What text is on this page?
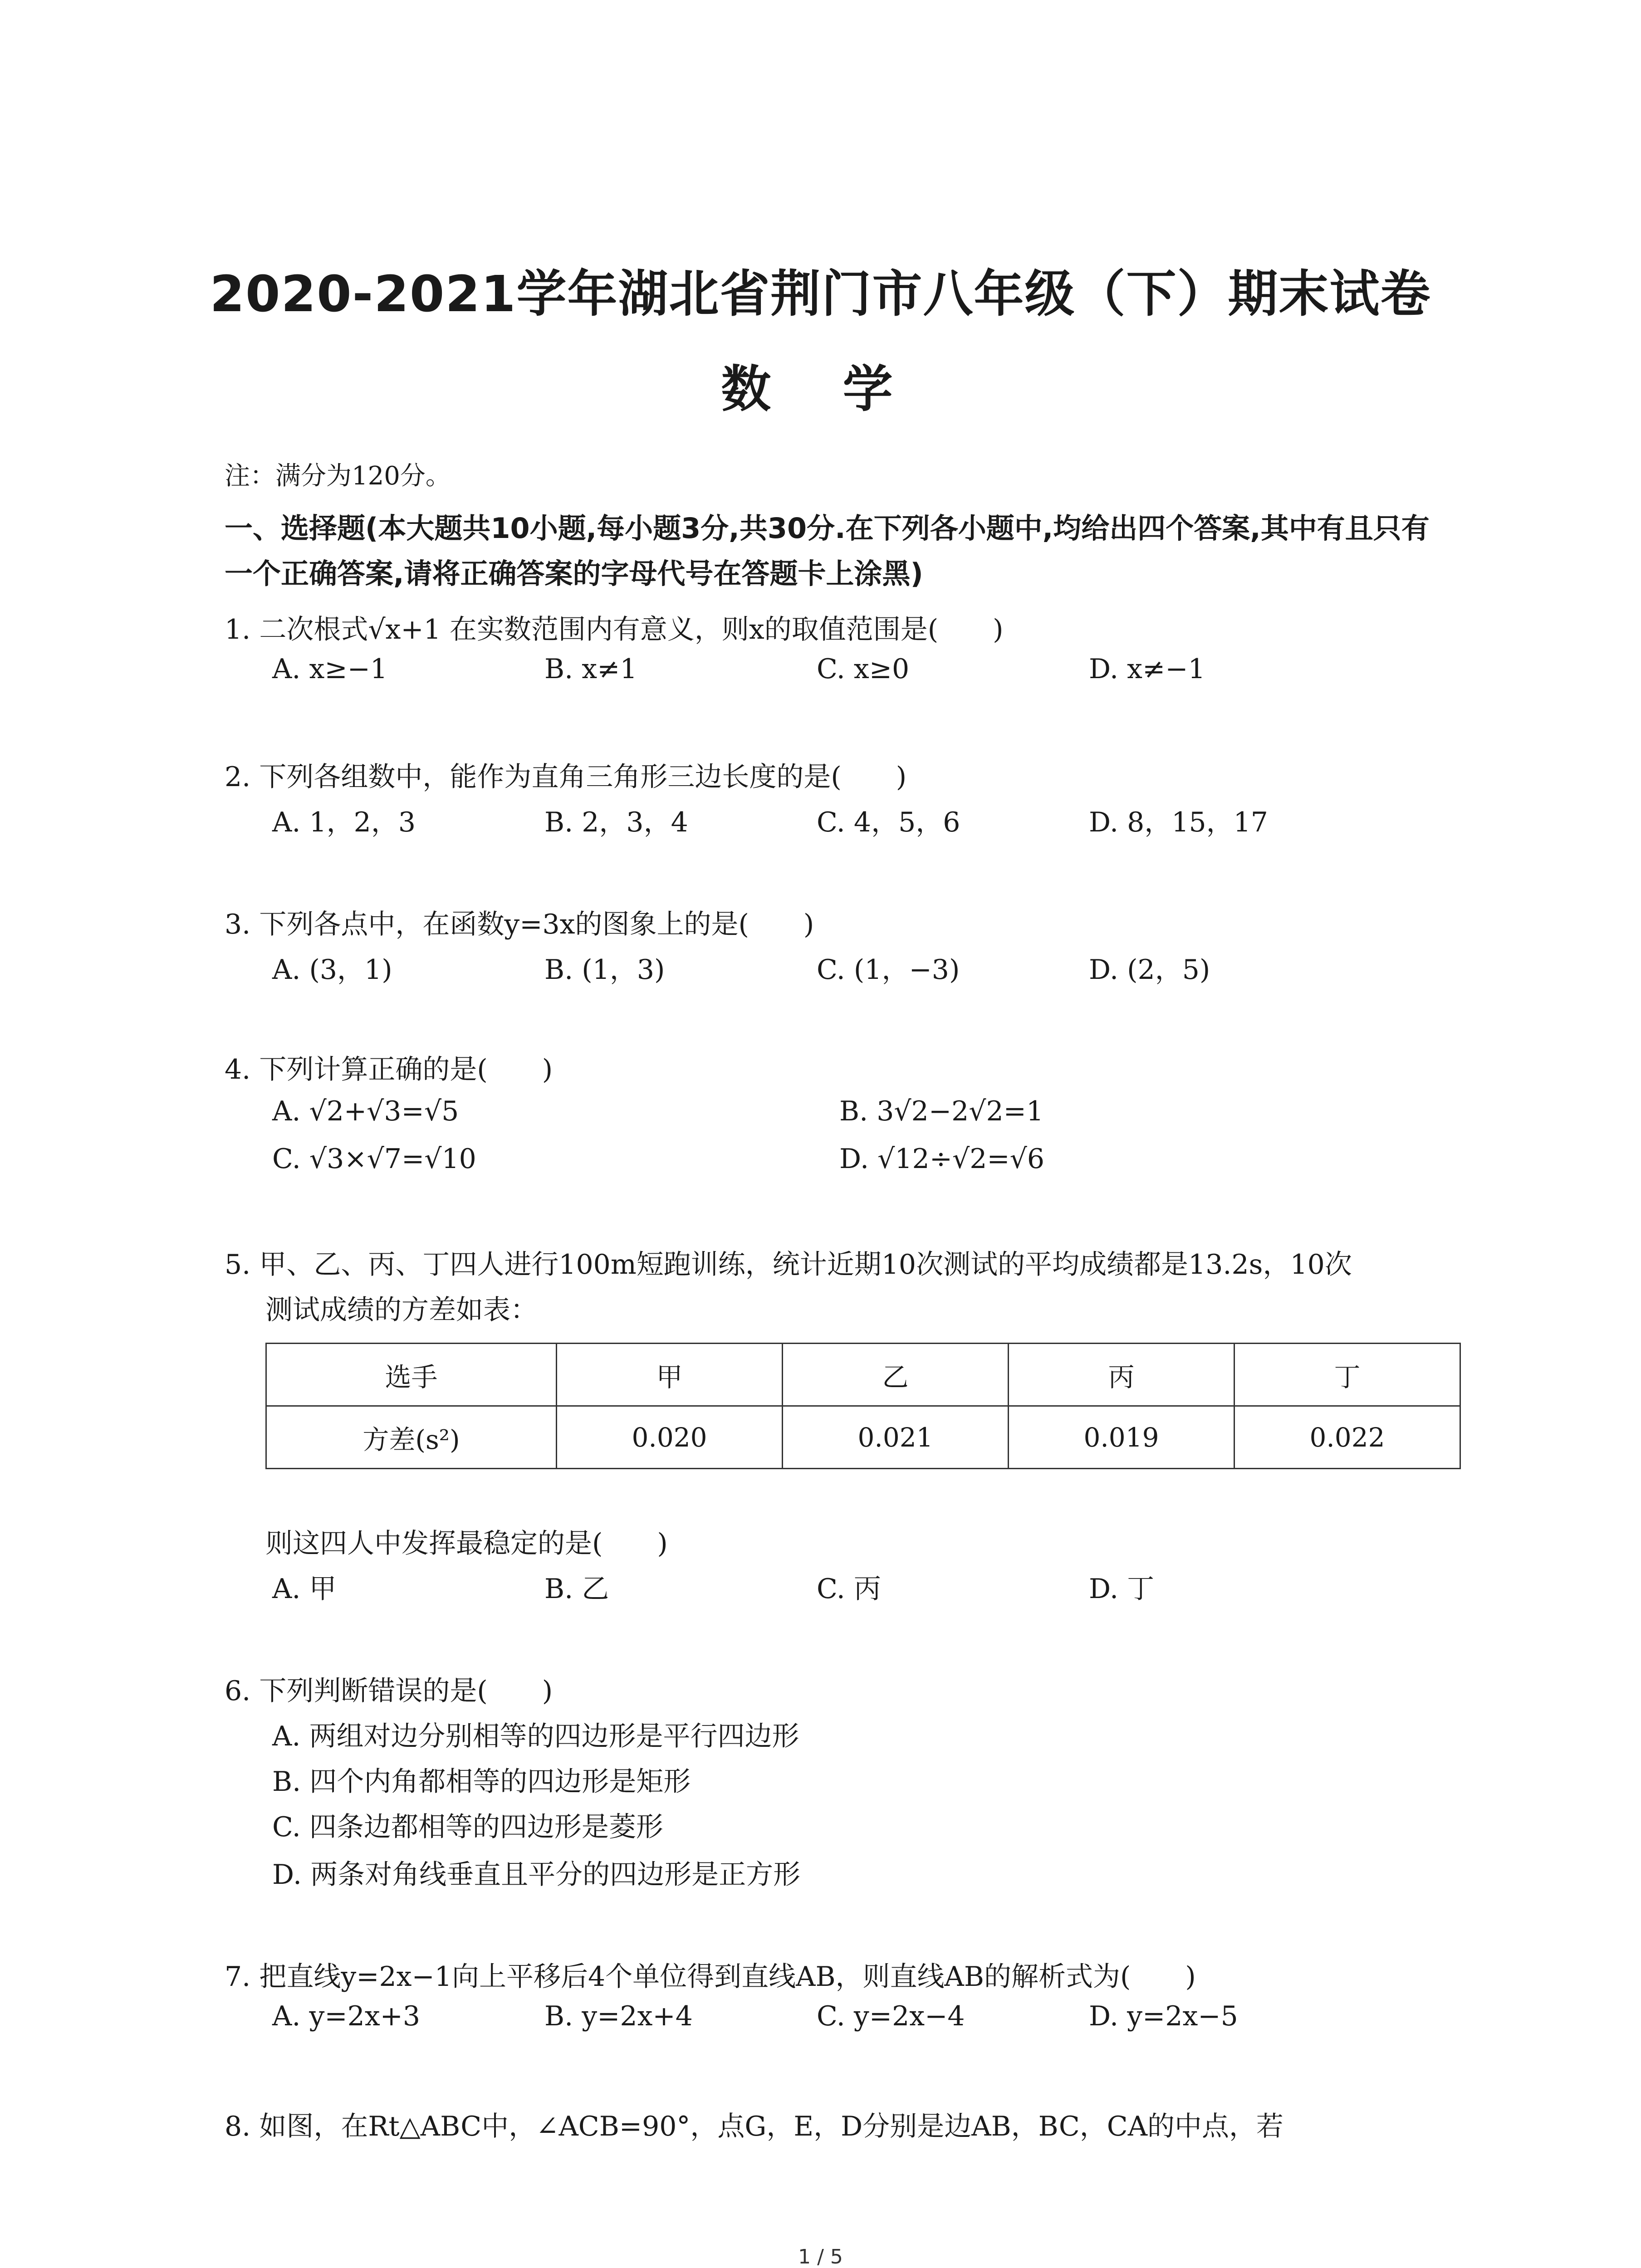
2020-2021学年湖北省荆门市八年级（下）期末试卷
数 学
注：满分为120分。
一、选择题(本大题共10小题,每小题3分,共30分.在下列各小题中,均给出四个答案,其中有且只有一个正确答案,请将正确答案的字母代号在答题卡上涂黑)
1. 二次根式√x+1 在实数范围内有意义，则x的取值范围是(　　)
A. x≥−1	B. x≠1	C. x≥0	D. x≠−1
2. 下列各组数中，能作为直角三角形三边长度的是(　　)
A. 1，2，3	B. 2，3，4	C. 4，5，6	D. 8，15，17
3. 下列各点中，在函数y=3x的图象上的是(　　)
A. (3，1)	B. (1，3)	C. (1，−3)	D. (2，5)
4. 下列计算正确的是(　　)
A. √2+√3=√5	B. 3√2−2√2=1
C. √3×√7=√10	D. √12÷√2=√6
5. 甲、乙、丙、丁四人进行100m短跑训练，统计近期10次测试的平均成绩都是13.2s，10次
测试成绩的方差如表：
选手	甲	乙	丙	丁
方差(s²)	0.020	0.021	0.019	0.022
则这四人中发挥最稳定的是(　　)
A. 甲	B. 乙	C. 丙	D. 丁
6. 下列判断错误的是(　　)
A. 两组对边分别相等的四边形是平行四边形
B. 四个内角都相等的四边形是矩形
C. 四条边都相等的四边形是菱形
D. 两条对角线垂直且平分的四边形是正方形
7. 把直线y=2x−1向上平移后4个单位得到直线AB，则直线AB的解析式为(　　)
A. y=2x+3	B. y=2x+4	C. y=2x−4	D. y=2x−5
8. 如图，在Rt△ABC中，∠ACB=90°，点G，E，D分别是边AB，BC，CA的中点，若
1 / 5
